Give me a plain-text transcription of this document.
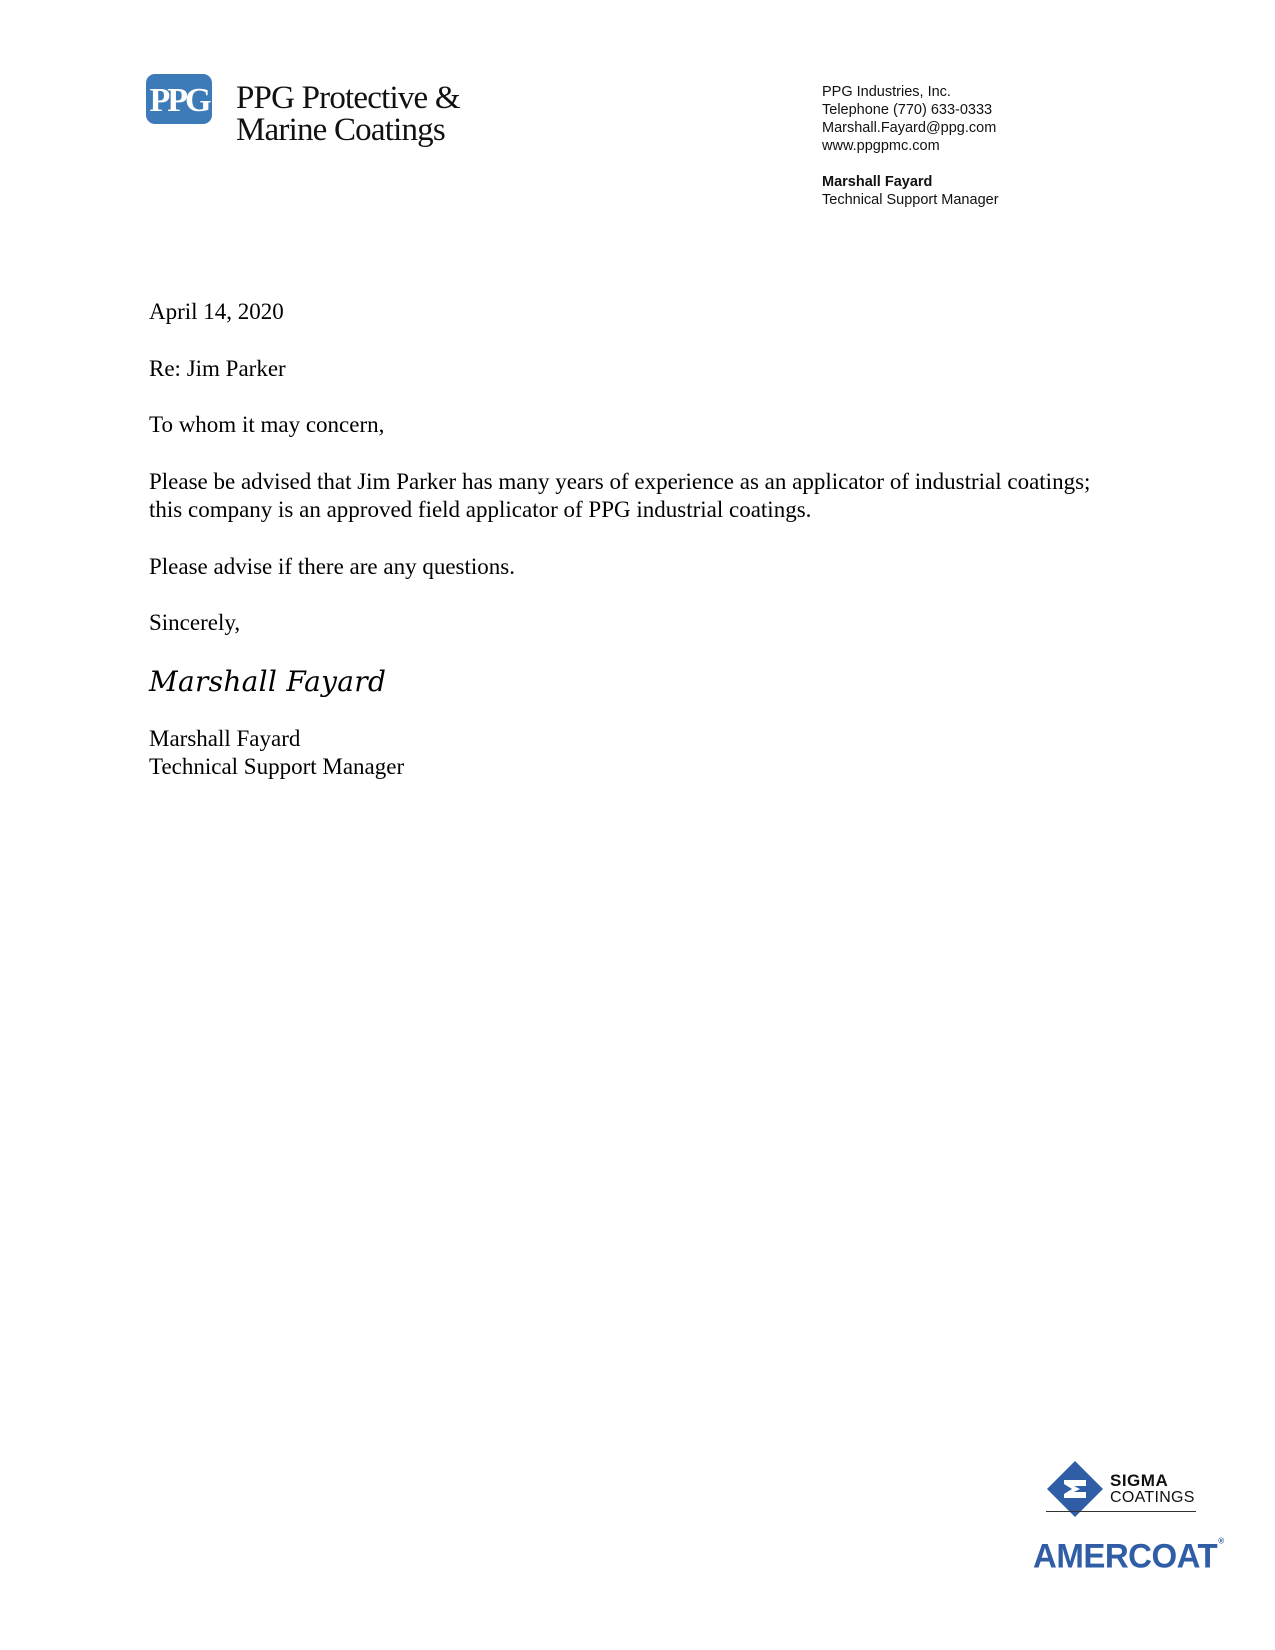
PPG PPG Protective &
Marine Coatings
PPG Industries, Inc.
Telephone (770) 633-0333
Marshall.Fayard@ppg.com
www.ppgpmc.com
Marshall Fayard
Technical Support Manager

April 14, 2020

Re: Jim Parker

To whom it may concern,

Please be advised that Jim Parker has many years of experience as an applicator of industrial coatings; this company is an approved field applicator of PPG industrial coatings.

Please advise if there are any questions.

Sincerely,

Marshall Fayard
Marshall Fayard
Technical Support Manager
SIGMA
COATINGS
AMERCOAT®
